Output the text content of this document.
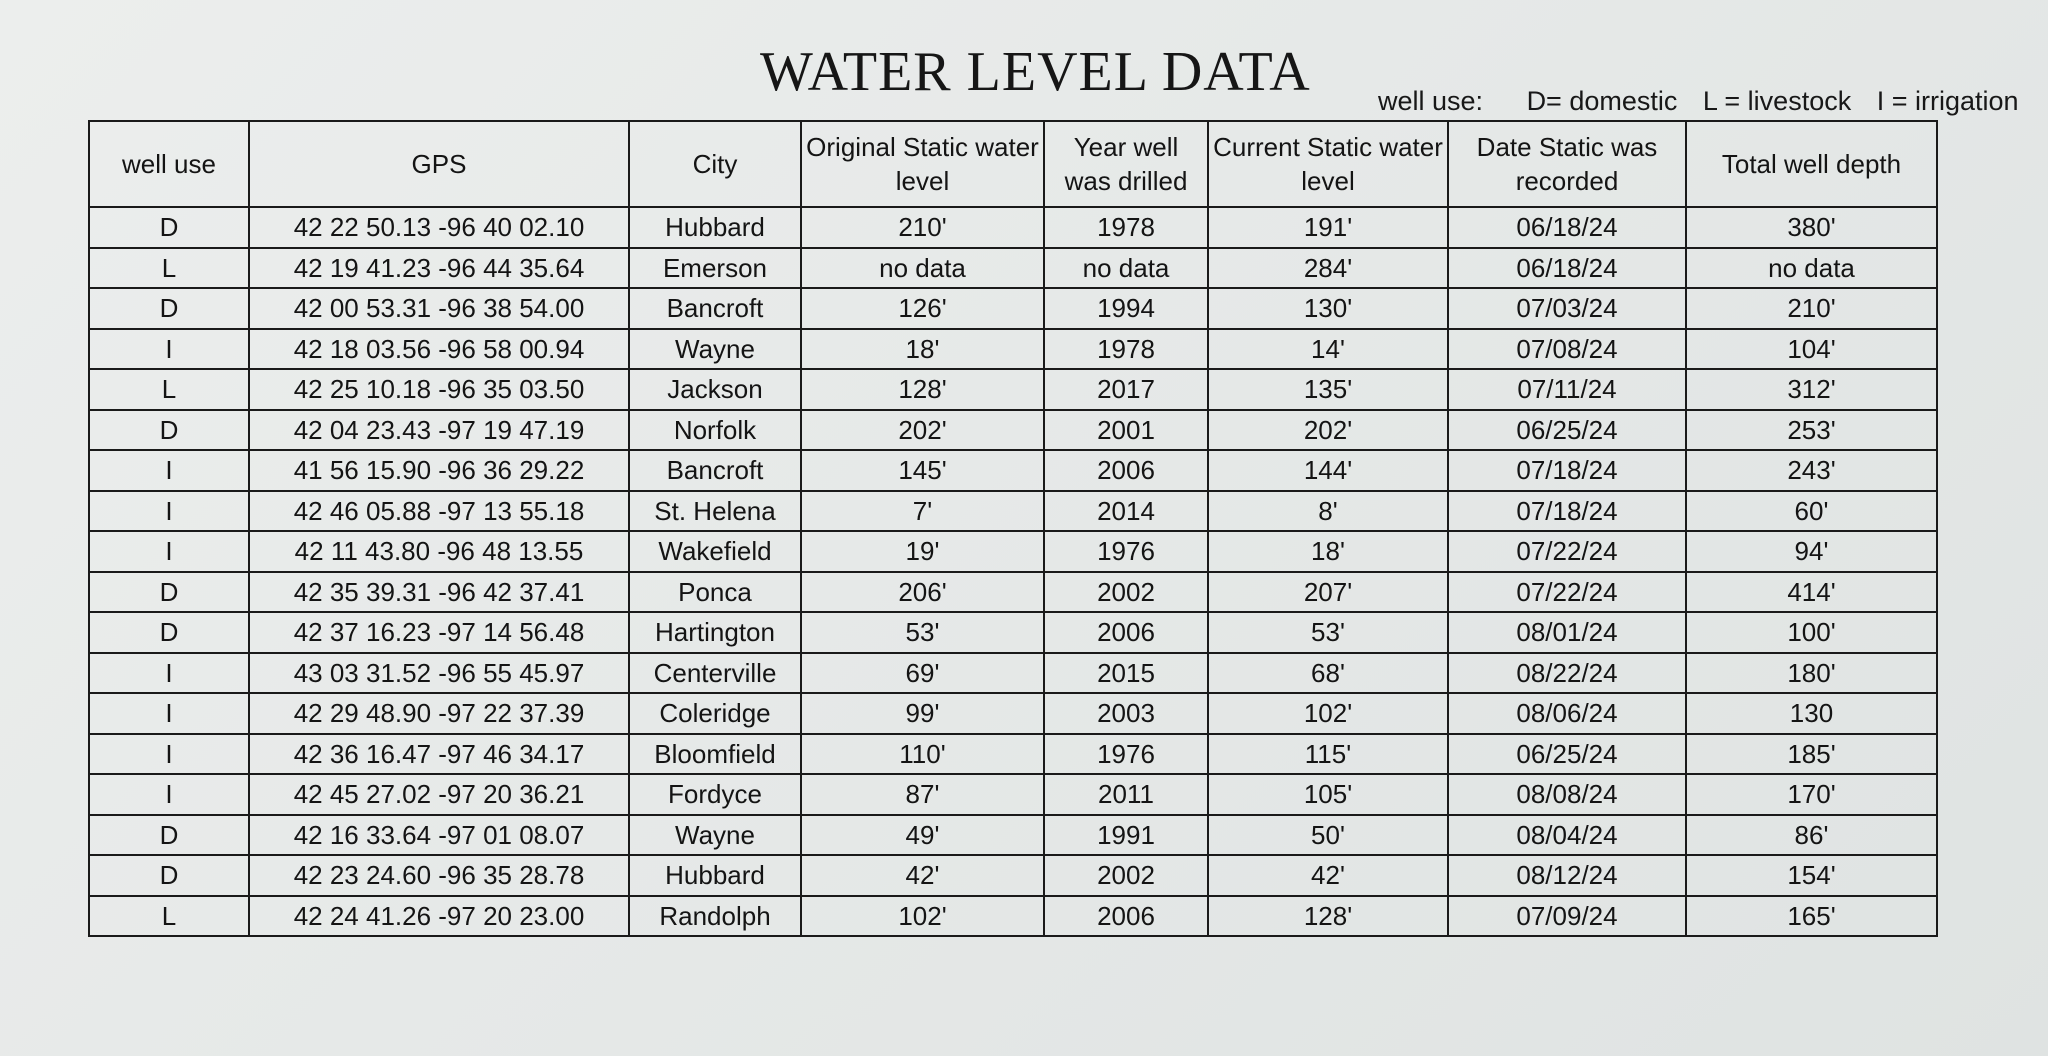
WATER LEVEL DATA well use: D= domestic L = livestock I = irrigation
well use	GPS	City	Original Static water level	Year well was drilled	Current Static water level	Date Static was recorded	Total well depth
D	42 22 50.13 -96 40 02.10	Hubbard	210'	1978	191'	06/18/24	380'
L	42 19 41.23 -96 44 35.64	Emerson	no data	no data	284'	06/18/24	no data
D	42 00 53.31 -96 38 54.00	Bancroft	126'	1994	130'	07/03/24	210'
I	42 18 03.56 -96 58 00.94	Wayne	18'	1978	14'	07/08/24	104'
L	42 25 10.18 -96 35 03.50	Jackson	128'	2017	135'	07/11/24	312'
D	42 04 23.43 -97 19 47.19	Norfolk	202'	2001	202'	06/25/24	253'
I	41 56 15.90 -96 36 29.22	Bancroft	145'	2006	144'	07/18/24	243'
I	42 46 05.88 -97 13 55.18	St. Helena	7'	2014	8'	07/18/24	60'
I	42 11 43.80 -96 48 13.55	Wakefield	19'	1976	18'	07/22/24	94'
D	42 35 39.31 -96 42 37.41	Ponca	206'	2002	207'	07/22/24	414'
D	42 37 16.23 -97 14 56.48	Hartington	53'	2006	53'	08/01/24	100'
I	43 03 31.52 -96 55 45.97	Centerville	69'	2015	68'	08/22/24	180'
I	42 29 48.90 -97 22 37.39	Coleridge	99'	2003	102'	08/06/24	130
I	42 36 16.47 -97 46 34.17	Bloomfield	110'	1976	115'	06/25/24	185'
I	42 45 27.02 -97 20 36.21	Fordyce	87'	2011	105'	08/08/24	170'
D	42 16 33.64 -97 01 08.07	Wayne	49'	1991	50'	08/04/24	86'
D	42 23 24.60 -96 35 28.78	Hubbard	42'	2002	42'	08/12/24	154'
L	42 24 41.26 -97 20 23.00	Randolph	102'	2006	128'	07/09/24	165'
